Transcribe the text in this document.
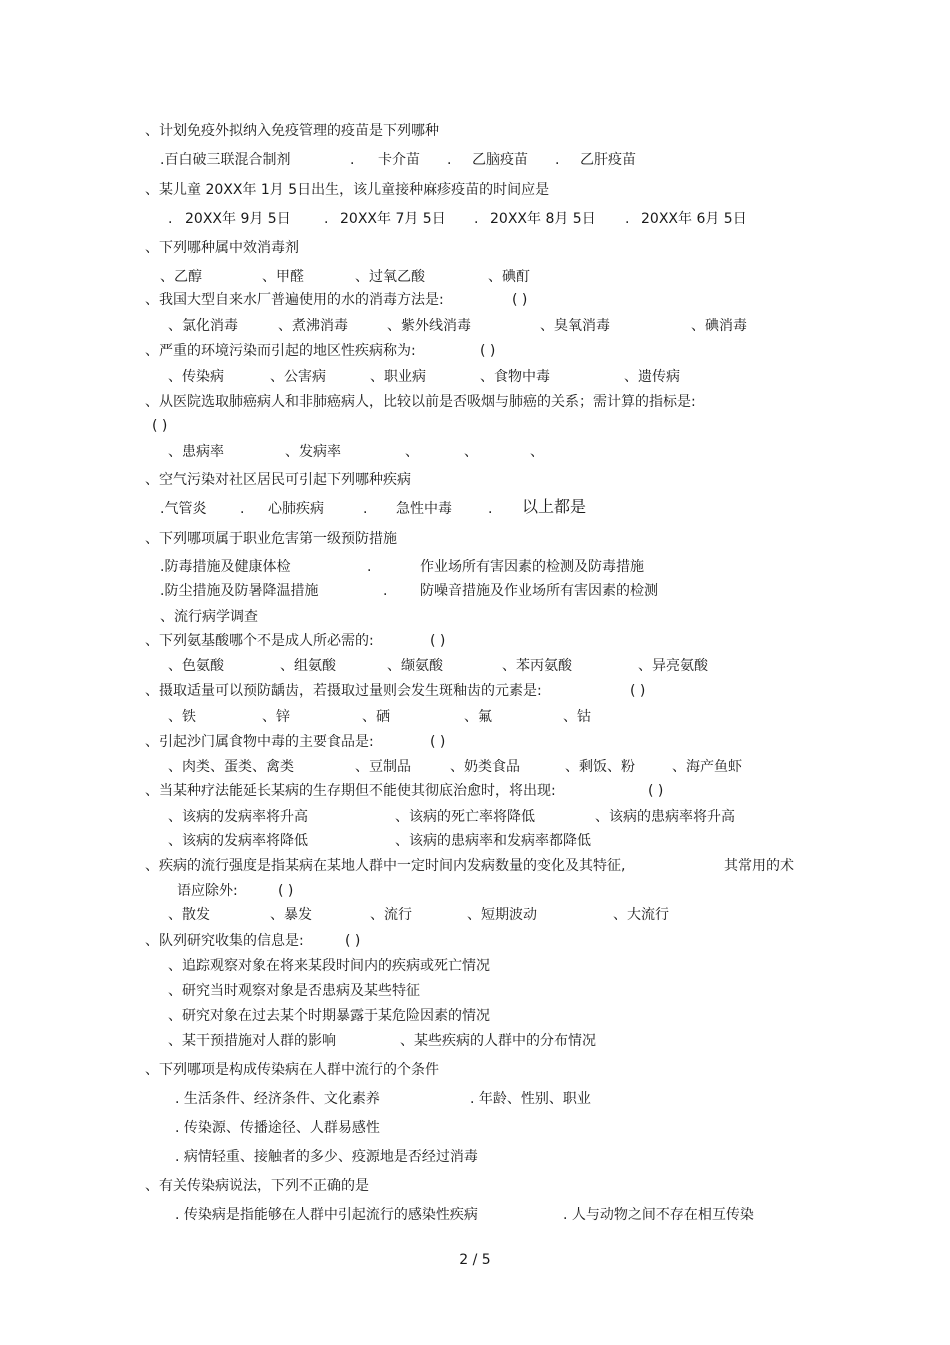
、计划免疫外拟纳入免疫管理的疫苗是下列哪种
.百白破三联混合制剂	. 卡介苗 . 乙脑疫苗 . 乙肝疫苗
、某儿童 20XX年 1月 5日出生，该儿童接种麻疹疫苗的时间应是
. 20XX年 9月 5日 . 20XX年 7月 5日 . 20XX年 8月 5日 . 20XX年 6月 5日
、下列哪种属中效消毒剂
、乙醇	、甲醛	、过氧乙酸	、碘酊
、我国大型自来水厂普遍使用的水的消毒方法是:	( )
、氯化消毒	、煮沸消毒	、紫外线消毒	、臭氧消毒	、碘消毒
、严重的环境污染而引起的地区性疾病称为:	( )
、传染病	、公害病	、职业病	、食物中毒	、遗传病
、从医院选取肺癌病人和非肺癌病人，比较以前是否吸烟与肺癌的关系；需计算的指标是:
( )
、患病率	、发病率	、	、	、
、空气污染对社区居民可引起下列哪种疾病
.气管炎 . 心肺疾病	. 急性中毒	. 以上都是
、下列哪项属于职业危害第一级预防措施
.防毒措施及健康体检	.	作业场所有害因素的检测及防毒措施
.防尘措施及防暑降温措施	. 防噪音措施及作业场所有害因素的检测
、流行病学调查
、下列氨基酸哪个不是成人所必需的:	( )
、色氨酸	、组氨酸	、缬氨酸	、苯丙氨酸	、异亮氨酸
、摄取适量可以预防龋齿，若摄取过量则会发生斑釉齿的元素是:	( )
、铁	、锌	、硒	、氟	、钴
、引起沙门属食物中毒的主要食品是:	( )
、肉类、蛋类、禽类	、豆制品	、奶类食品	、剩饭、粉	、海产鱼虾
、当某种疗法能延长某病的生存期但不能使其彻底治愈时，将出现:	( )
、该病的发病率将升高	、该病的死亡率将降低	、该病的患病率将升高
、该病的发病率将降低	、该病的患病率和发病率都降低
、疾病的流行强度是指某病在某地人群中一定时间内发病数量的变化及其特征,	其常用的术
语应除外:	( )
、散发	、暴发	、流行	、短期波动	、大流行
、队列研究收集的信息是:	( )
、追踪观察对象在将来某段时间内的疾病或死亡情况
、研究当时观察对象是否患病及某些特征
、研究对象在过去某个时期暴露于某危险因素的情况
、某干预措施对人群的影响	、某些疾病的人群中的分布情况
、下列哪项是构成传染病在人群中流行的个条件
. 生活条件、经济条件、文化素养	. 年龄、性别、职业
. 传染源、传播途径、人群易感性
. 病情轻重、接触者的多少、疫源地是否经过消毒
、有关传染病说法，下列不正确的是
. 传染病是指能够在人群中引起流行的感染性疾病	. 人与动物之间不存在相互传染
2 / 5
